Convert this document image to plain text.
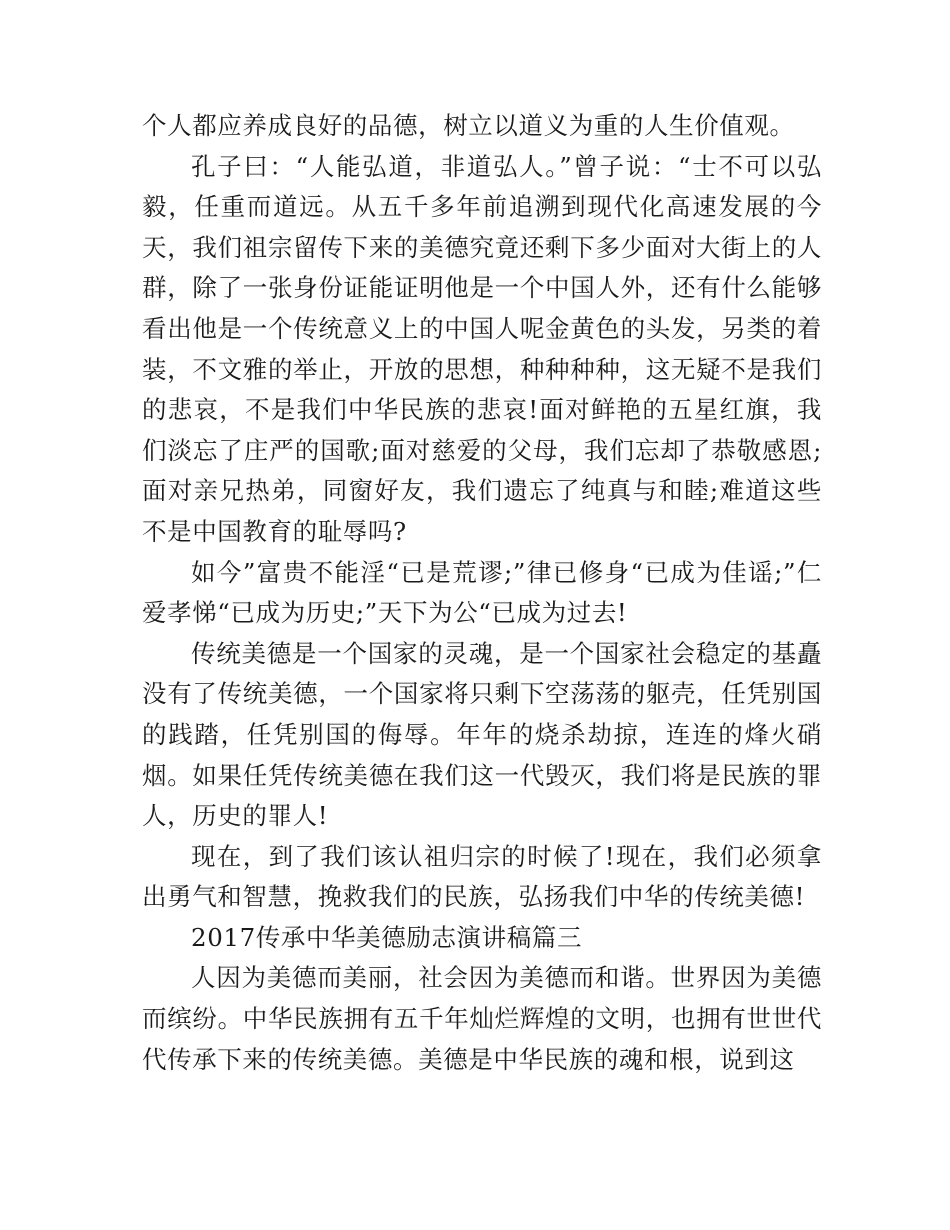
个人都应养成良好的品德，树立以道义为重的人生价值观。

孔子曰：“人能弘道，非道弘人。”曾子说：“士不可以弘毅，任重而道远。从五千多年前追溯到现代化高速发展的今天，我们祖宗留传下来的美德究竟还剩下多少面对大街上的人群，除了一张身份证能证明他是一个中国人外，还有什么能够看出他是一个传统意义上的中国人呢金黄色的头发，另类的着装，不文雅的举止，开放的思想，种种种种，这无疑不是我们的悲哀，不是我们中华民族的悲哀!面对鲜艳的五星红旗，我们淡忘了庄严的国歌;面对慈爱的父母，我们忘却了恭敬感恩;面对亲兄热弟，同窗好友，我们遗忘了纯真与和睦;难道这些不是中国教育的耻辱吗?

如今”富贵不能淫“已是荒谬;”律已修身“已成为佳谣;”仁爱孝悌“已成为历史;”天下为公“已成为过去!

传统美德是一个国家的灵魂，是一个国家社会稳定的基矗没有了传统美德，一个国家将只剩下空荡荡的躯壳，任凭别国的践踏，任凭别国的侮辱。年年的烧杀劫掠，连连的烽火硝烟。如果任凭传统美德在我们这一代毁灭，我们将是民族的罪人，历史的罪人!

现在，到了我们该认祖归宗的时候了!现在，我们必须拿出勇气和智慧，挽救我们的民族，弘扬我们中华的传统美德!

2017传承中华美德励志演讲稿篇三

人因为美德而美丽，社会因为美德而和谐。世界因为美德而缤纷。中华民族拥有五千年灿烂辉煌的文明，也拥有世世代代传承下来的传统美德。美德是中华民族的魂和根，说到这
